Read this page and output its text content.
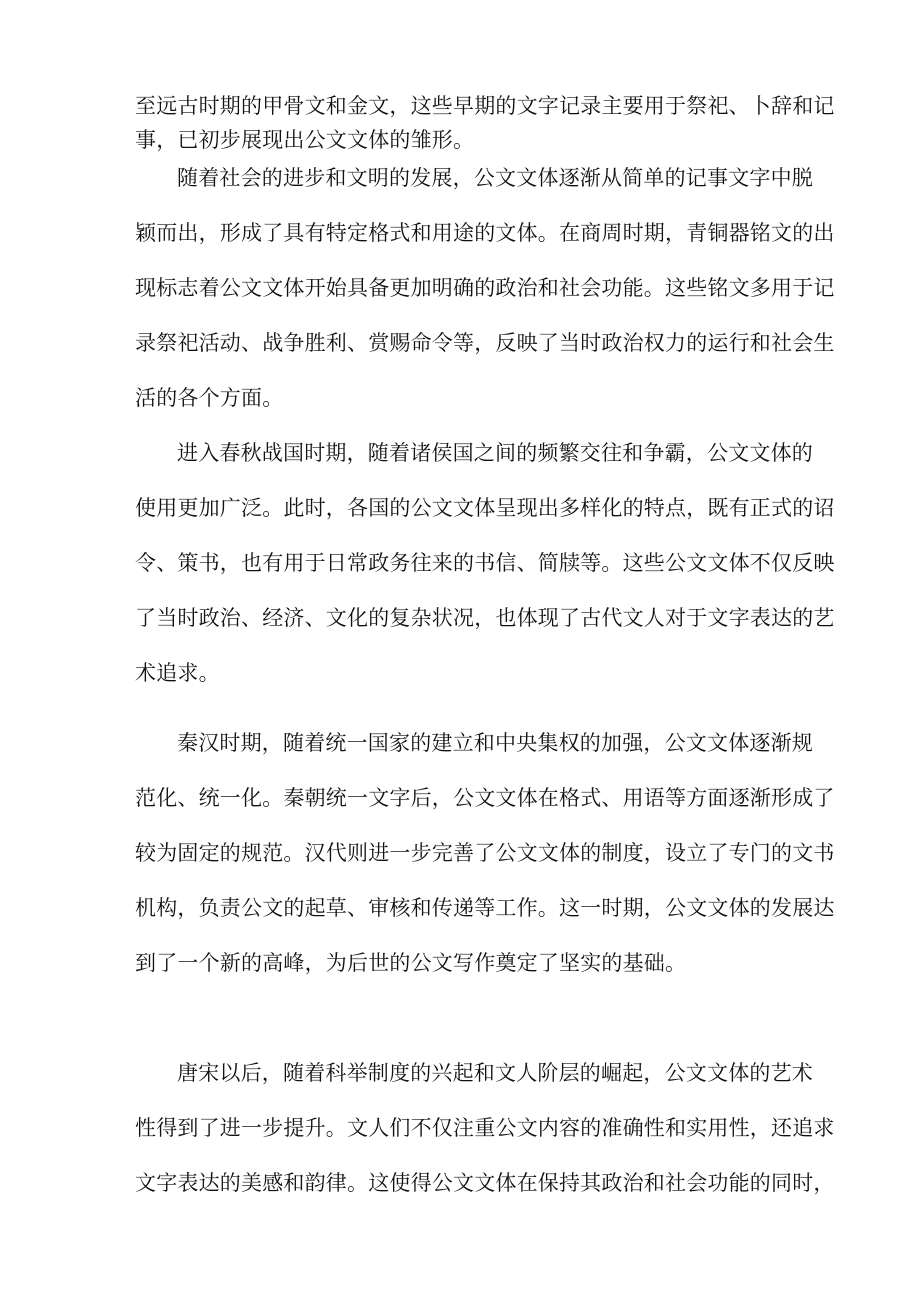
至远古时期的甲骨文和金文，这些早期的文字记录主要用于祭祀、卜辞和记
事，已初步展现出公文文体的雏形。
随着社会的进步和文明的发展，公文文体逐渐从简单的记事文字中脱
颖而出，形成了具有特定格式和用途的文体。在商周时期，青铜器铭文的出
现标志着公文文体开始具备更加明确的政治和社会功能。这些铭文多用于记
录祭祀活动、战争胜利、赏赐命令等，反映了当时政治权力的运行和社会生
活的各个方面。
进入春秋战国时期，随着诸侯国之间的频繁交往和争霸，公文文体的
使用更加广泛。此时，各国的公文文体呈现出多样化的特点，既有正式的诏
令、策书，也有用于日常政务往来的书信、简牍等。这些公文文体不仅反映
了当时政治、经济、文化的复杂状况，也体现了古代文人对于文字表达的艺
术追求。
秦汉时期，随着统一国家的建立和中央集权的加强，公文文体逐渐规
范化、统一化。秦朝统一文字后，公文文体在格式、用语等方面逐渐形成了
较为固定的规范。汉代则进一步完善了公文文体的制度，设立了专门的文书
机构，负责公文的起草、审核和传递等工作。这一时期，公文文体的发展达
到了一个新的高峰，为后世的公文写作奠定了坚实的基础。
唐宋以后，随着科举制度的兴起和文人阶层的崛起，公文文体的艺术
性得到了进一步提升。文人们不仅注重公文内容的准确性和实用性，还追求
文字表达的美感和韵律。这使得公文文体在保持其政治和社会功能的同时，
